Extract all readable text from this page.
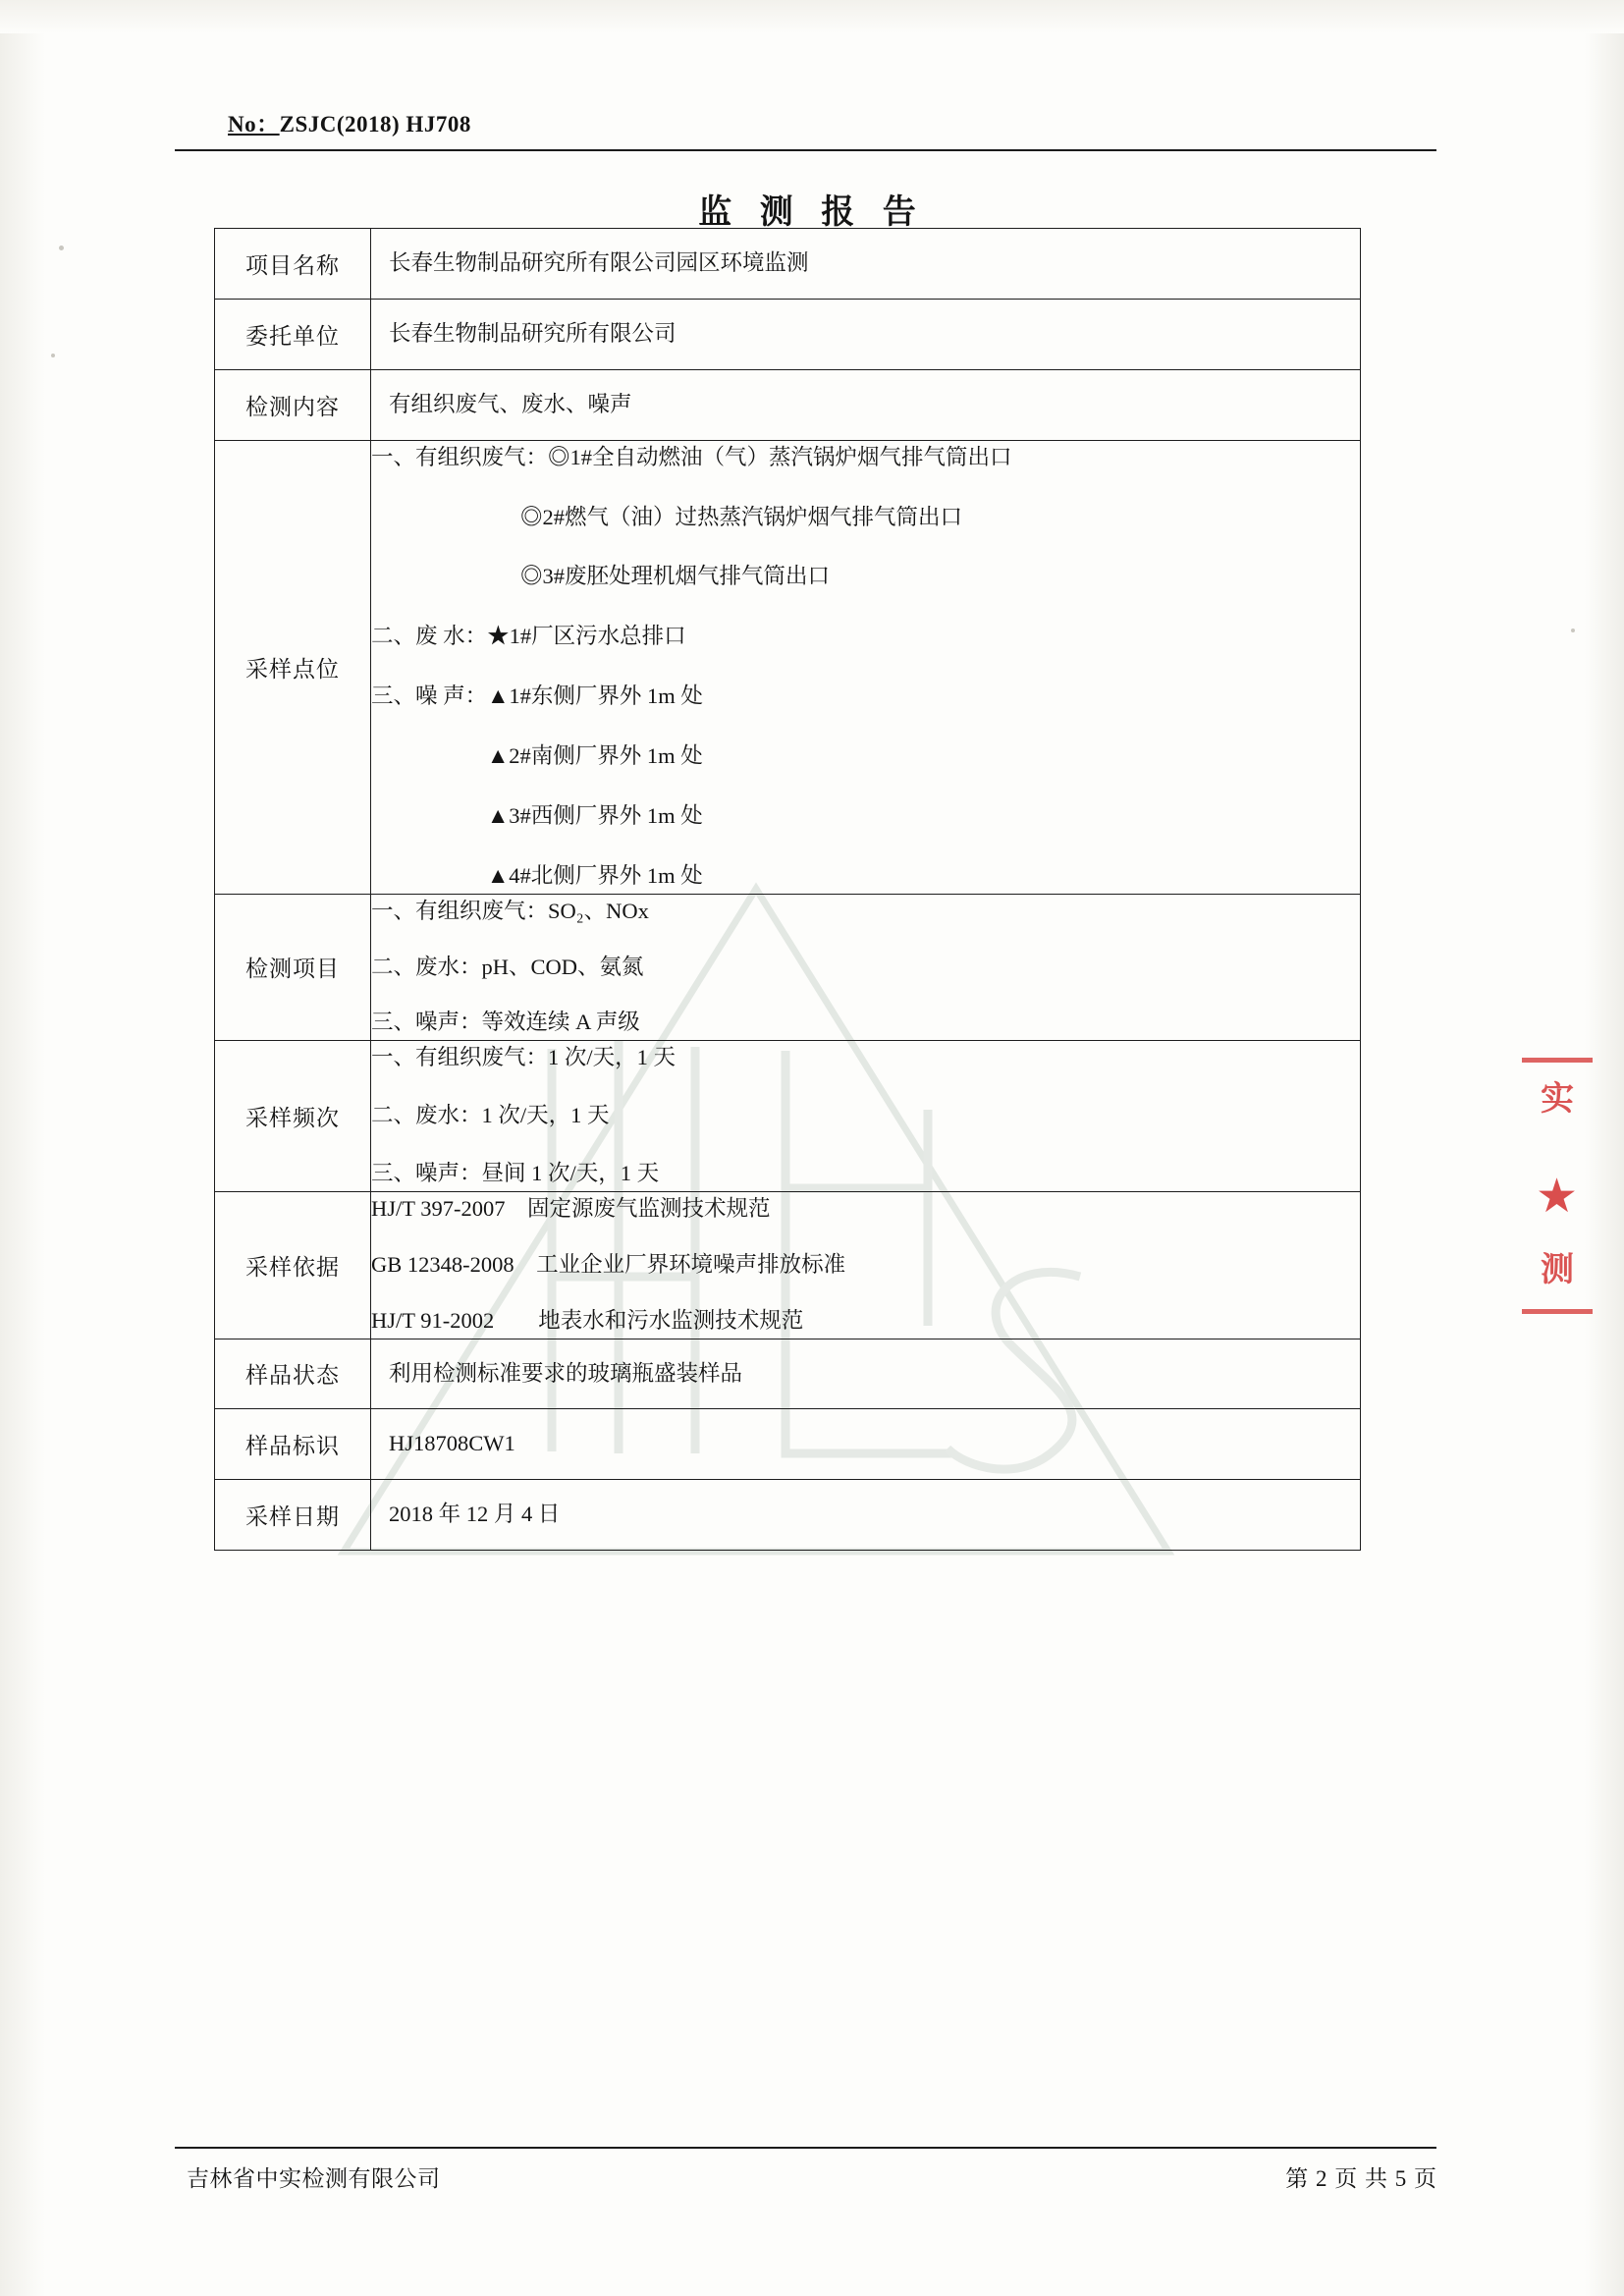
No：ZSJC(2018) HJ708
监 测 报 告
项目名称	长春生物制品研究所有限公司园区环境监测
委托单位	长春生物制品研究所有限公司
检测内容	有组织废气、废水、噪声
采样点位	
一、有组织废气：◎1#全自动燃油（气）蒸汽锅炉烟气排气筒出口
◎2#燃气（油）过热蒸汽锅炉烟气排气筒出口
◎3#废胚处理机烟气排气筒出口
二、废 水：★1#厂区污水总排口
三、噪 声：▲1#东侧厂界外 1m 处
▲2#南侧厂界外 1m 处
▲3#西侧厂界外 1m 处
▲4#北侧厂界外 1m 处

检测项目	一、有组织废气：SO₂、NOx
二、废水：pH、COD、氨氮
三、噪声：等效连续 A 声级

采样频次	一、有组织废气：1 次/天，1 天
二、废水：1 次/天，1 天
三、噪声：昼间 1 次/天，1 天

采样依据	HJ/T 397-2007　固定源废气监测技术规范
GB 12348-2008　工业企业厂界环境噪声排放标准
HJ/T 91-2002　　地表水和污水监测技术规范

样品状态	利用检测标准要求的玻璃瓶盛装样品
样品标识	HJ18708CW1
采样日期	2018 年 12 月 4 日
实
★
测
吉林省中实检测有限公司	第 2 页 共 5 页
